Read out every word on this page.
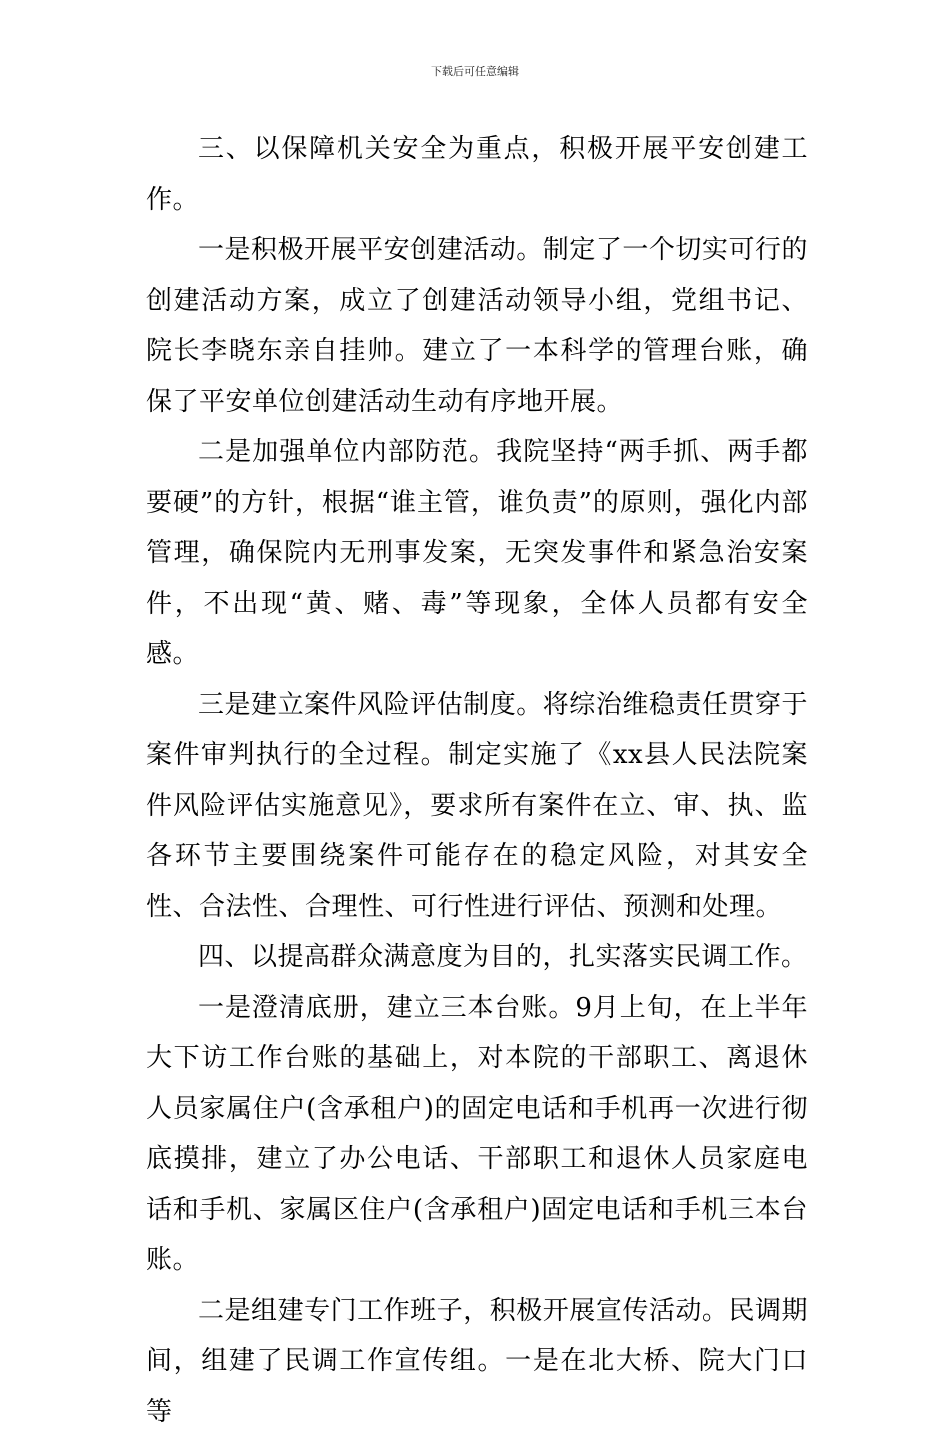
下载后可任意编辑

三、以保障机关安全为重点，积极开展平安创建工作。

一是积极开展平安创建活动。制定了一个切实可行的创建活动方案，成立了创建活动领导小组，党组书记、院长李晓东亲自挂帅。建立了一本科学的管理台账，确保了平安单位创建活动生动有序地开展。

二是加强单位内部防范。我院坚持“两手抓、两手都要硬”的方针，根据“谁主管，谁负责”的原则，强化内部管理，确保院内无刑事发案，无突发事件和紧急治安案件，不出现“黄、赌、毒”等现象，全体人员都有安全感。

三是建立案件风险评估制度。将综治维稳责任贯穿于案件审判执行的全过程。制定实施了《xx县人民法院案件风险评估实施意见》，要求所有案件在立、审、执、监各环节主要围绕案件可能存在的稳定风险，对其安全性、合法性、合理性、可行性进行评估、预测和处理。

四、以提高群众满意度为目的，扎实落实民调工作。

一是澄清底册，建立三本台账。9月上旬，在上半年大下访工作台账的基础上，对本院的干部职工、离退休人员家属住户(含承租户)的固定电话和手机再一次进行彻底摸排，建立了办公电话、干部职工和退休人员家庭电话和手机、家属区住户(含承租户)固定电话和手机三本台账。

二是组建专门工作班子，积极开展宣传活动。民调期间，组建了民调工作宣传组。一是在北大桥、院大门口等
